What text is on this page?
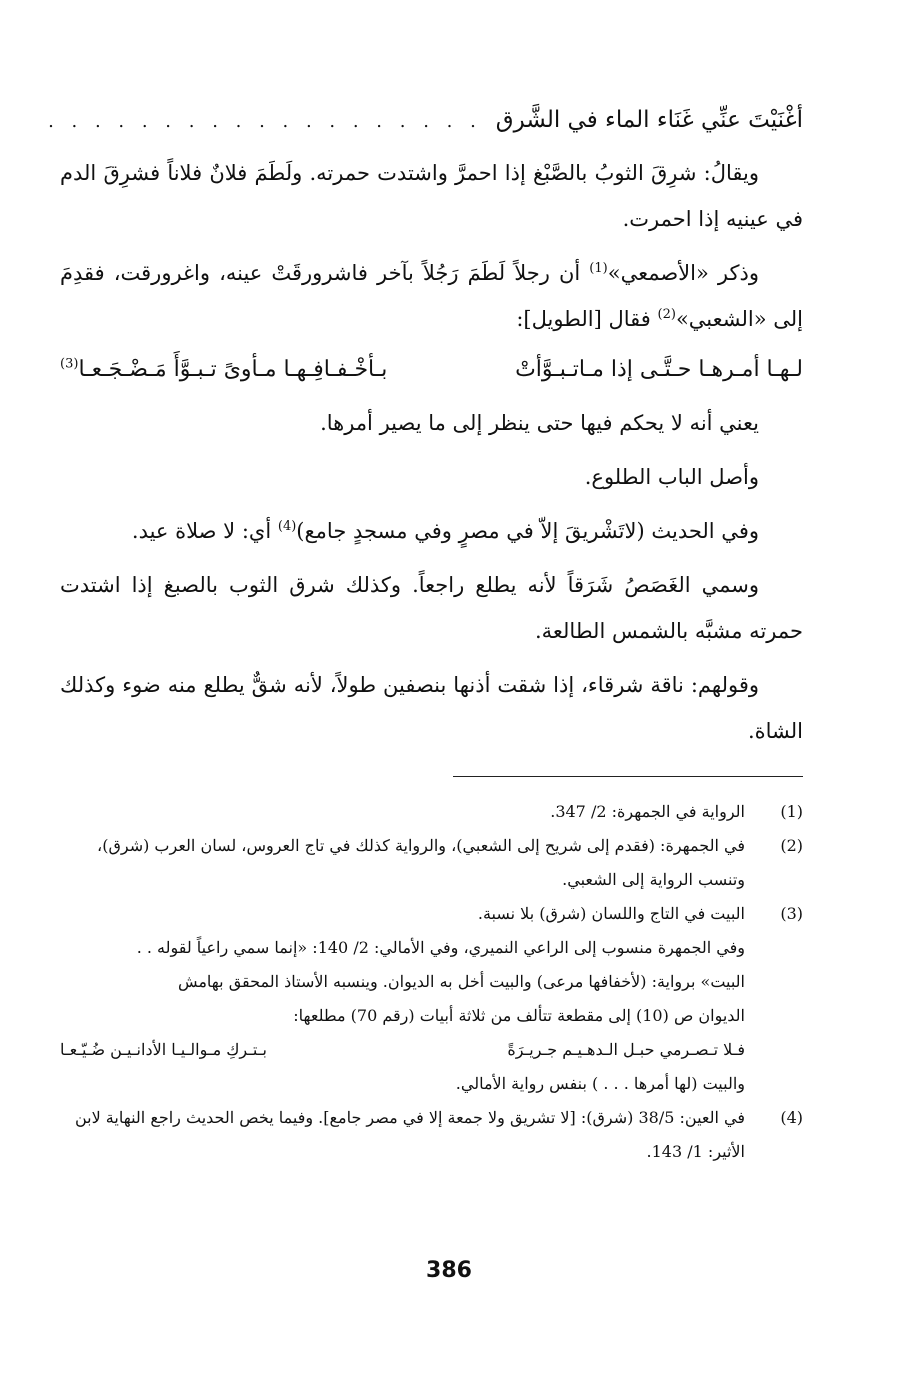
أغْنَيْتَ عنِّي غَنَاء الماء في الشَّرق
. . . . . . . . . . . . . . . . . . .

ويقالُ: شرِقَ الثوبُ بالصَّبْغ إذا احمرَّ واشتدت حمرته. ولَطَمَ فلانٌ فلاناً فشرِقَ الدم في عينيه إذا احمرت.

وذكر «الأصمعي»$^{(1)}$ أن رجلاً لَطَمَ رَجُلاً بآخر فاشرورقَتْ عينه، واغرورقت، فقدِمَ إلى «الشعبي»$^{(2)}$ فقال [الطويل]:

لـهـا أمـرهـا حـتَّـى إذا مـاتـبـوَّأتْ
بـأخْـفـافِـهـا مـأوىً تـبـوَّأَ مَـضْـجَـعـا$^{(3)}$

يعني أنه لا يحكم فيها حتى ينظر إلى ما يصير أمرها.

وأصل الباب الطلوع.

وفي الحديث (لاتَشْريقَ إلاّ في مصرٍ وفي مسجدٍ جامع)$^{(4)}$ أي: لا صلاة عيد.

وسمي الغَصَصُ شَرَقاً لأنه يطلع راجعاً. وكذلك شرق الثوب بالصبغ إذا اشتدت حمرته مشبَّه بالشمس الطالعة.

وقولهم: ناقة شرقاء، إذا شقت أذنها بنصفين طولاً، لأنه شقٌّ يطلع منه ضوء وكذلك الشاة.

(1)
الرواية في الجمهرة: 2/ 347.
(2)
في الجمهرة: (فقدم إلى شريح إلى الشعبي)، والرواية كذلك في تاج العروس، لسان العرب (شرق)، وتنسب الرواية إلى الشعبي.
(3)
البيت في التاج واللسان (شرق) بلا نسبة.
وفي الجمهرة منسوب إلى الراعي النميري، وفي الأمالي: 2/ 140: «إنما سمي راعياً لقوله . .
البيت» برواية: (لأخفافها مرعى) والبيت أخل به الديوان. وينسبه الأستاذ المحقق بهامش
الديوان ص (10) إلى مقطعة تتألف من ثلاثة أبيات (رقم 70) مطلعها:
فـلا تـصـرمي حبـل الـدهـيـم جـريـرَةً
بـتـركِ مـوالـيـا الأدانـيـن ضُـيّـعـا
والبيت (لها أمرها . . . ) بنفس رواية الأمالي.
(4)
في العين: 38/5 (شرق): [لا تشريق ولا جمعة إلا في مصر جامع]. وفيما يخص الحديث راجع النهاية لابن الأثير: 1/ 143.
386
